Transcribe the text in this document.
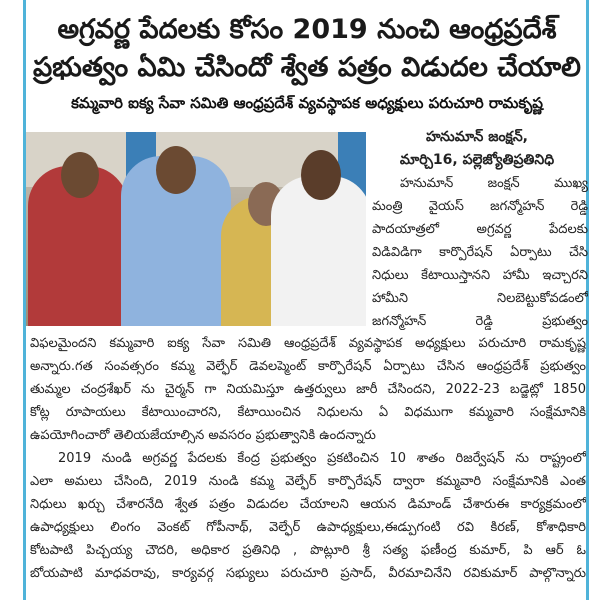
అగ్రవర్ణ పేదలకు కోసం 2019 నుంచి ఆంధ్రప్రదేశ్
ప్రభుత్వం ఏమి చేసిందో శ్వేత పత్రం విడుదల చేయాలి
కమ్మవారి ఐక్య సేవా సమితి ఆంధ్రప్రదేశ్ వ్యవస్థాపక అధ్యక్షులు పరుచూరి రామకృష్ణ
హనుమాన్ జంక్షన్,
మార్చి16, పల్లెజ్యోతిప్రతినిధి
హనుమాన్ జంక్షన్ ముఖ్య
మంత్రి వైయస్ జగన్మోహన్ రెడ్డి
పాదయాత్రలో అగ్రవర్ణ పేదలకు
విడివిడిగా కార్పొరేషన్ ఏర్పాటు చేసి
నిధులు కేటాయిస్తానని హామీ ఇచ్చారని
హామీని నిలబెట్టుకోవడంలో
జగన్మోహన్ రెడ్డి ప్రభుత్వం
విఫలమైందని కమ్మవారి ఐక్య సేవా సమితి ఆంధ్రప్రదేశ్ వ్యవస్థాపక అధ్యక్షులు పరుచూరి రామకృష్ణ
అన్నారు.గత సంవత్సరం కమ్మ వెల్ఫేర్ డెవలప్మెంట్ కార్పొరేషన్ ఏర్పాటు చేసిన ఆంధ్రప్రదేశ్ ప్రభుత్వం
తుమ్మల చంద్రశేఖర్ ను చైర్మన్ గా నియమిస్తూ ఉత్తర్వులు జారీ చేసిందని, 2022-23 బడ్జెట్లో 1850
కోట్ల రూపాయలు కేటాయించారని, కేటాయించిన నిధులను ఏ విధముగా కమ్మవారి సంక్షేమానికి
ఉపయోగించారో తెలియజేయాల్సిన అవసరం ప్రభుత్వానికి ఉందన్నారు
2019 నుండి అగ్రవర్ణ పేదలకు కేంద్ర ప్రభుత్వం ప్రకటించిన 10 శాతం రిజర్వేషన్ ను రాష్ట్రంలో
ఎలా అమలు చేసింది, 2019 నుండి కమ్మ వెల్ఫేర్ కార్పొరేషన్ ద్వారా కమ్మవారి సంక్షేమానికి ఎంత
నిధులు ఖర్చు చేశారనేది శ్వేత పత్రం విడుదల చేయాలని ఆయన డిమాండ్ చేశారుఈ కార్యక్రమంలో
ఉపాధ్యక్షులు లింగం వెంకట్ గోపీనాథ్, వెల్ఫేర్ ఉపాధ్యక్షులు,ఈడ్పుగంటి రవి కిరణ్, కోశాధికారి
కోటపాటి పిచ్చయ్య చౌదరి, అధికార ప్రతినిధి , పొట్లూరి శ్రీ సత్య ఫణీంద్ర కుమార్, పి ఆర్ ఓ
బోయపాటి మాధవరావు, కార్యవర్గ సభ్యులు పరుచూరి ప్రసాద్, వీరమాచినేని రవికుమార్ పాల్గొన్నారు
